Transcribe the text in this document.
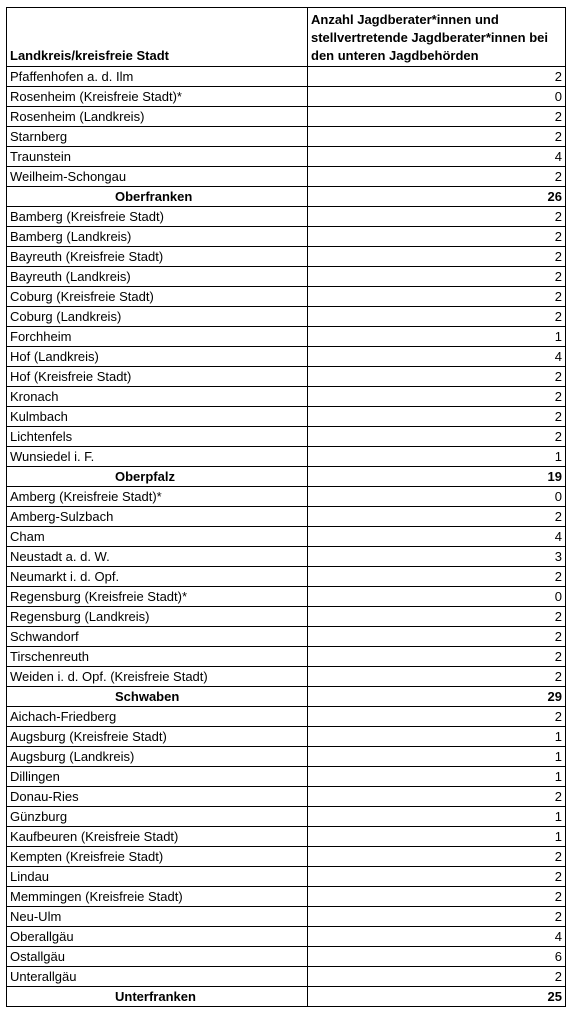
Landkreis/kreisfreie Stadt	Anzahl Jagdberater*innen und stellvertretende Jagdberater*innen bei den unteren Jagdbehörden
Pfaffenhofen a. d. Ilm	2
Rosenheim (Kreisfreie Stadt)*	0
Rosenheim (Landkreis)	2
Starnberg	2
Traunstein	4
Weilheim-Schongau	2
Oberfranken	26
Bamberg (Kreisfreie Stadt)	2
Bamberg (Landkreis)	2
Bayreuth (Kreisfreie Stadt)	2
Bayreuth (Landkreis)	2
Coburg (Kreisfreie Stadt)	2
Coburg (Landkreis)	2
Forchheim	1
Hof (Landkreis)	4
Hof (Kreisfreie Stadt)	2
Kronach	2
Kulmbach	2
Lichtenfels	2
Wunsiedel i. F.	1
Oberpfalz	19
Amberg (Kreisfreie Stadt)*	0
Amberg-Sulzbach	2
Cham	4
Neustadt a. d. W.	3
Neumarkt i. d. Opf.	2
Regensburg (Kreisfreie Stadt)*	0
Regensburg (Landkreis)	2
Schwandorf	2
Tirschenreuth	2
Weiden i. d. Opf. (Kreisfreie Stadt)	2
Schwaben	29
Aichach-Friedberg	2
Augsburg (Kreisfreie Stadt)	1
Augsburg (Landkreis)	1
Dillingen	1
Donau-Ries	2
Günzburg	1
Kaufbeuren (Kreisfreie Stadt)	1
Kempten (Kreisfreie Stadt)	2
Lindau	2
Memmingen (Kreisfreie Stadt)	2
Neu-Ulm	2
Oberallgäu	4
Ostallgäu	6
Unterallgäu	2
Unterfranken	25
